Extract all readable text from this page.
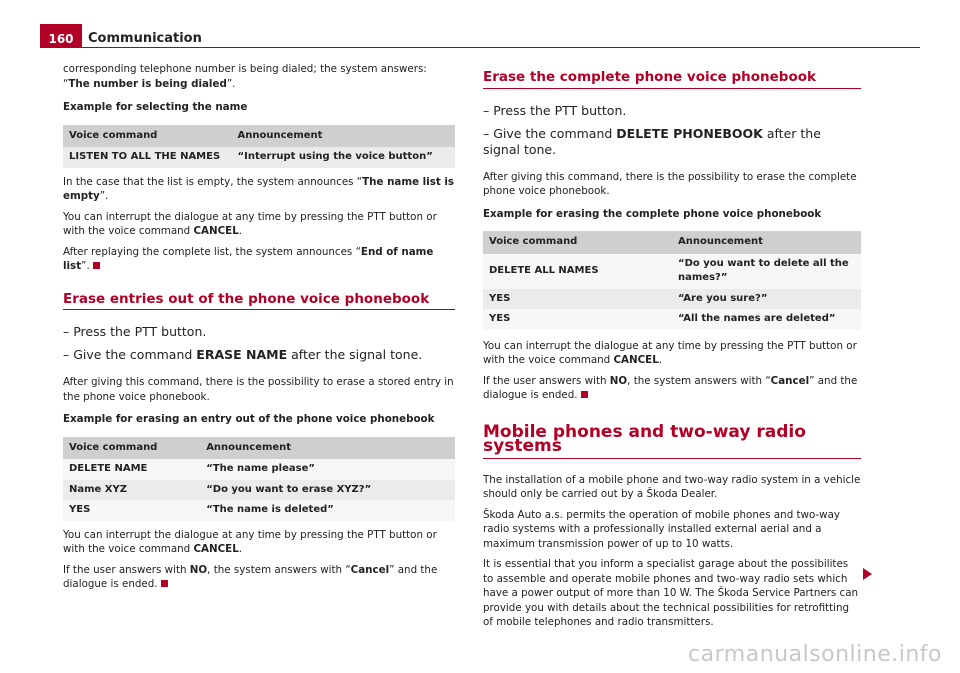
160	Communication

corresponding telephone number is being dialed; the system answers: “The number is being dialed”.

Example for selecting the name

Voice command	Announcement
LISTEN TO ALL THE NAMES	“Interrupt using the voice button”

In the case that the list is empty, the system announces “The name list is empty”.

You can interrupt the dialogue at any time by pressing the PTT button or with the voice command CANCEL.

After replaying the complete list, the system announces “End of name list”.

Erase entries out of the phone voice phonebook

– Press the PTT button.

– Give the command ERASE NAME after the signal tone.

After giving this command, there is the possibility to erase a stored entry in the phone voice phonebook.

Example for erasing an entry out of the phone voice phonebook

Voice command	Announcement
DELETE NAME	“The name please”
Name XYZ	“Do you want to erase XYZ?”
YES	“The name is deleted”

You can interrupt the dialogue at any time by pressing the PTT button or with the voice command CANCEL.

If the user answers with NO, the system answers with “Cancel” and the dialogue is ended.

Erase the complete phone voice phonebook

– Press the PTT button.

– Give the command DELETE PHONEBOOK after the signal tone.

After giving this command, there is the possibility to erase the complete phone voice phonebook.

Example for erasing the complete phone voice phonebook

Voice command	Announcement
DELETE ALL NAMES	“Do you want to delete all the names?”
YES	“Are you sure?”
YES	“All the names are deleted”

You can interrupt the dialogue at any time by pressing the PTT button or with the voice command CANCEL.

If the user answers with NO, the system answers with “Cancel” and the dialogue is ended.

Mobile phones and two-way radio systems

The installation of a mobile phone and two-way radio system in a vehicle should only be carried out by a Škoda Dealer.

Škoda Auto a.s. permits the operation of mobile phones and two-way radio systems with a professionally installed external aerial and a maximum transmission power of up to 10 watts.

It is essential that you inform a specialist garage about the possibilites to assemble and operate mobile phones and two-way radio sets which have a power output of more than 10 W. The Škoda Service Partners can provide you with details about the technical possibilities for retrofitting of mobile telephones and radio transmitters.

carmanualsonline.info
